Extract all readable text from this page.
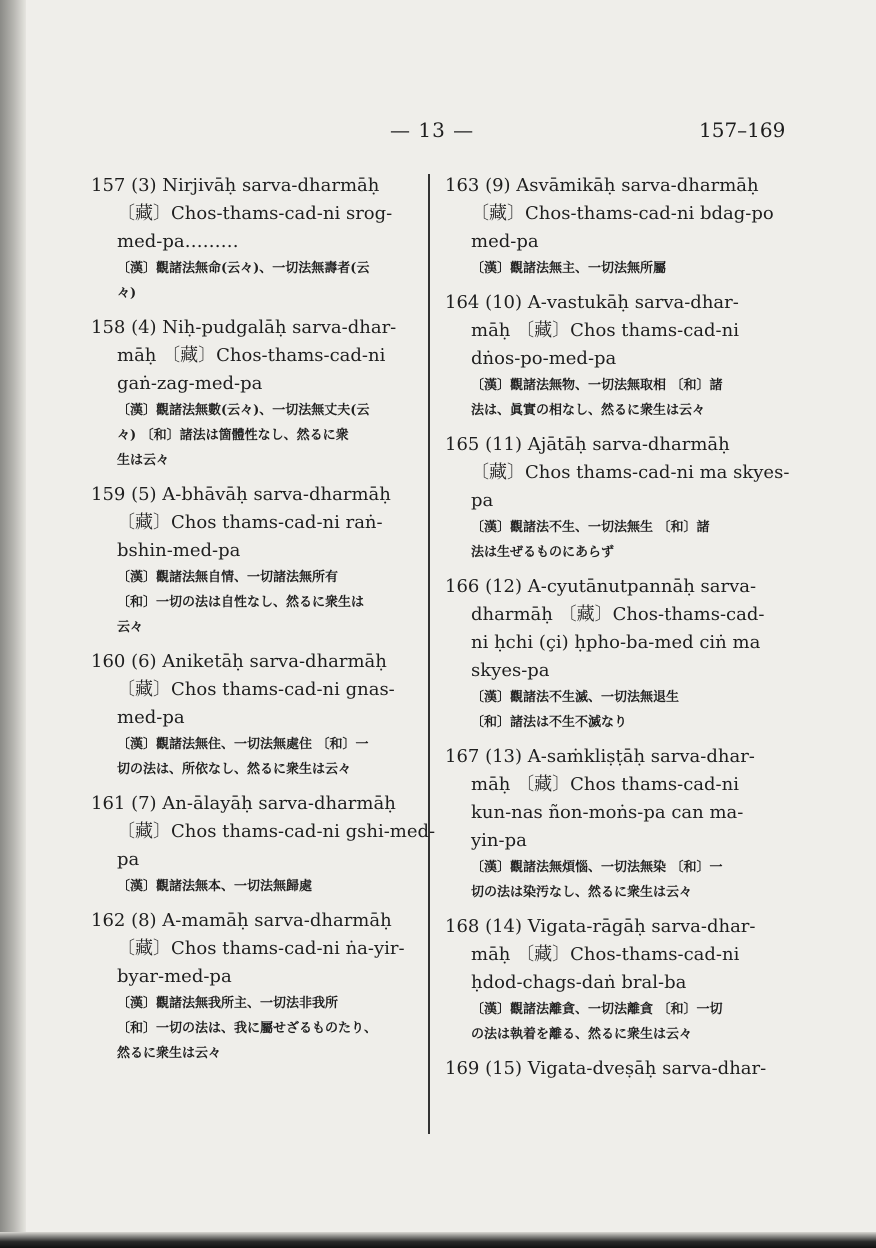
— 13 —	157–169
157 (3) Nirjivāḥ sarva-dharmāḥ
〔藏〕Chos-thams-cad-ni srog-
med-pa………
〔漢〕觀諸法無命(云々)、一切法無壽者(云
々)
158 (4) Niḥ-pudgalāḥ sarva-dhar-
māḥ 〔藏〕Chos-thams-cad-ni
gaṅ-zag-med-pa
〔漢〕觀諸法無數(云々)、一切法無丈夫(云
々) 〔和〕諸法は箇體性なし、然るに衆
生は云々
159 (5) A-bhāvāḥ sarva-dharmāḥ
〔藏〕Chos thams-cad-ni raṅ-
bshin-med-pa
〔漢〕觀諸法無自情、一切諸法無所有
〔和〕一切の法は自性なし、然るに衆生は
云々
160 (6) Aniketāḥ sarva-dharmāḥ
〔藏〕Chos thams-cad-ni gnas-
med-pa
〔漢〕觀諸法無住、一切法無處住 〔和〕一
切の法は、所依なし、然るに衆生は云々
161 (7) An-ālayāḥ sarva-dharmāḥ
〔藏〕Chos thams-cad-ni gshi-med-
pa
〔漢〕觀諸法無本、一切法無歸處
162 (8) A-mamāḥ sarva-dharmāḥ
〔藏〕Chos thams-cad-ni ṅa-yir-
byar-med-pa
〔漢〕觀諸法無我所主、一切法非我所
〔和〕一切の法は、我に屬せざるものたり、
然るに衆生は云々
163 (9) Asvāmikāḥ sarva-dharmāḥ
〔藏〕Chos-thams-cad-ni bdag-po
med-pa
〔漢〕觀諸法無主、一切法無所屬
164 (10) A-vastukāḥ sarva-dhar-
māḥ 〔藏〕Chos thams-cad-ni
dṅos-po-med-pa
〔漢〕觀諸法無物、一切法無取相 〔和〕諸
法は、眞實の相なし、然るに衆生は云々
165 (11) Ajātāḥ sarva-dharmāḥ
〔藏〕Chos thams-cad-ni ma skyes-
pa
〔漢〕觀諸法不生、一切法無生 〔和〕諸
法は生ぜるものにあらず
166 (12) A-cyutānutpannāḥ sarva-
dharmāḥ 〔藏〕Chos-thams-cad-
ni ḥchi (çi) ḥpho-ba-med ciṅ ma
skyes-pa
〔漢〕觀諸法不生滅、一切法無退生
〔和〕諸法は不生不滅なり
167 (13) A-saṁkliṣṭāḥ sarva-dhar-
māḥ 〔藏〕Chos thams-cad-ni
kun-nas ñon-moṅs-pa can ma-
yin-pa
〔漢〕觀諸法無煩惱、一切法無染 〔和〕一
切の法は染汚なし、然るに衆生は云々
168 (14) Vigata-rāgāḥ sarva-dhar-
māḥ 〔藏〕Chos-thams-cad-ni
ḥdod-chags-daṅ bral-ba
〔漢〕觀諸法離貪、一切法離貪 〔和〕一切
の法は執着を離る、然るに衆生は云々
169 (15) Vigata-dveṣāḥ sarva-dhar-
